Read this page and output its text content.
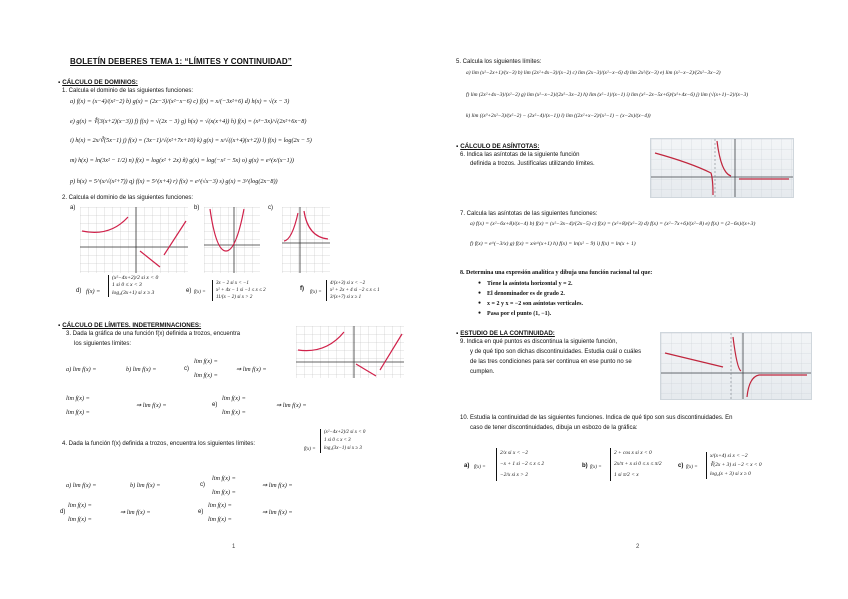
BOLETÍN DEBERES TEMA 1: “LÍMITES Y CONTINUIDAD”
▪ CÁLCULO DE DOMINIOS:
1. Calcula el dominio de las siguientes funciones:
a) f(x) = (x−4)/(x²−2) b) g(x) = (2x−3)/(x²−x−6) c) f(x) = x/(−3x²+6) d) h(x) = √(x − 3)
e) g(x) = ∜(3(x+2)(x−3)) f) f(x) = √(2x − 3) g) h(x) = √(x(x+4)) h) f(x) = (x³−3x)/√(2x²+6x−8)
i) h(x) = 2x/∛(5x−1) j) f(x) = (3x−1)/√(x²+7x+10) k) g(x) = x/√((x+4)(x+2)) l) f(x) = log(2x − 5)
m) h(x) = ln(3x² − 1/2) n) f(x) = log(x² + 2x) ñ) g(x) = log(−x² − 5x) o) g(x) = e^(x/(x−1))
p) h(x) = 5^(x/√(x²+7)) q) f(x) = 5^(x+4) r) f(x) = e^(√x−3) s) g(x) = 3^(log(2x−8))
2. Calcula el dominio de las siguientes funciones:
a)	b)	c)
d) f(x) =
(x²−4x+2)/2 si x < 0
1 si 0 ≤ x < 3
log₂(3x+1) si x ≥ 3	e) f(x) =
3x − 2 si x < −1
x² + 4x − 1 si −1 ≤ x ≤ 2
11/(x − 2) si x > 2
f)
f(x) =
4/(x+3) si x < −2
x² + 2x + 4 si −2 ≤ x ≤ 1
3/(x+7) si x ≥ 1
▪ CÁLCULO DE LÍMITES. INDETERMINACIONES:
3. Dada la gráfica de una función f(x) definida a trozos, encuentra
los siguientes límites:
a) lim f(x) =	b) lim f(x) =	c)
lim f(x) =
lim f(x) =
⇒ lim f(x) =
lim f(x) =
lim f(x) =
⇒ lim f(x) =	e)
lim f(x) =
lim f(x) =
⇒ lim f(x) =
4. Dada la función f(x) definida a trozos, encuentra los siguientes límites:
f(x) =
(x²−4x+2)/2 si x < 0
1 si 0 ≤ x < 3
log₂(3x−1) si x ≥ 3
a) lim f(x) =	b) lim f(x) =	c)
lim f(x) =
lim f(x) =
⇒ lim f(x) =
d)
lim f(x) =
lim f(x) =
⇒ lim f(x) =	e)
lim f(x) =
lim f(x) =
⇒ lim f(x) =
1
5. Calcula los siguientes límites:
a) lim (x²−2x+1)/(x−3) b) lim (2x²+4x−3)/(x−2) c) lim (2x−3)/(x²−x−6) d) lim 2x²/(x−3) e) lim (x²−x−2)/(2x²−3x−2)
f) lim (2x²+4x−3)/(x²−2) g) lim (x²−x−2)/(2x²−3x−2) h) lim (x²−1)/(x−1) i) lim (x²−2x−5x+6)/(x²+4x−6) j) lim (√(x+1)−2)/(x−3)
k) lim ((x³+2x²−3)/(x²−2) − (2x²−4)/(x−1)) l) lim ((2x²+x−2)/(x²−1) − (x−2x)/(x−4))
▪ CÁLCULO DE ASÍNTOTAS:
6. Indica las asíntotas de la siguiente función
definida a trozos. Justifícalas utilizando límites.
7. Calcula las asíntotas de las siguientes funciones:
a) f(x) = (x²−6x+8)/(x−4) b) f(x) = (x²−3x−4)/(2x−5) c) f(x) = (x²+8)/(x²−3) d) f(x) = (x²−7x+6)/(x²−8) e) f(x) = (2−6x)/(x+3)
f) f(x) = e^(−3/x) g) f(x) = x/e^(x+1) h) f(x) = ln(x² − 9) i) f(x) = ln(x + 1)
8. Determina una expresión analítica y dibuja una función racional tal que:
● Tiene la asíntota horizontal y = 2.
● El denominador es de grado 2.
● x = 2 y x = −2 son asíntotas verticales.
● Pasa por el punto (1, −1).
▪ ESTUDIO DE LA CONTINUIDAD:
9. Indica en qué puntos es discontinua la siguiente función,
y de qué tipo son dichas discontinuidades. Estudia cuál o cuáles
de las tres condiciones para ser continua en ese punto no se
cumplen.
10. Estudia la continuidad de las siguientes funciones. Indica de qué tipo son sus discontinuidades. En
caso de tener discontinuidades, dibuja un esbozo de la gráfica:
a) f(x) =
2/x si x < −2
−x + 1 si −2 ≤ x ≤ 2
−2/x si x > 2
b) f(x) =
2 + cos x si x < 0
2x/π + x si 0 ≤ x ≤ π/2
1 si π/2 < x
c) f(x) =
x/(x+4) si x < −2
∛(2x + 3) si −2 < x < 0
log₂(x + 3) si x ≥ 0
2
